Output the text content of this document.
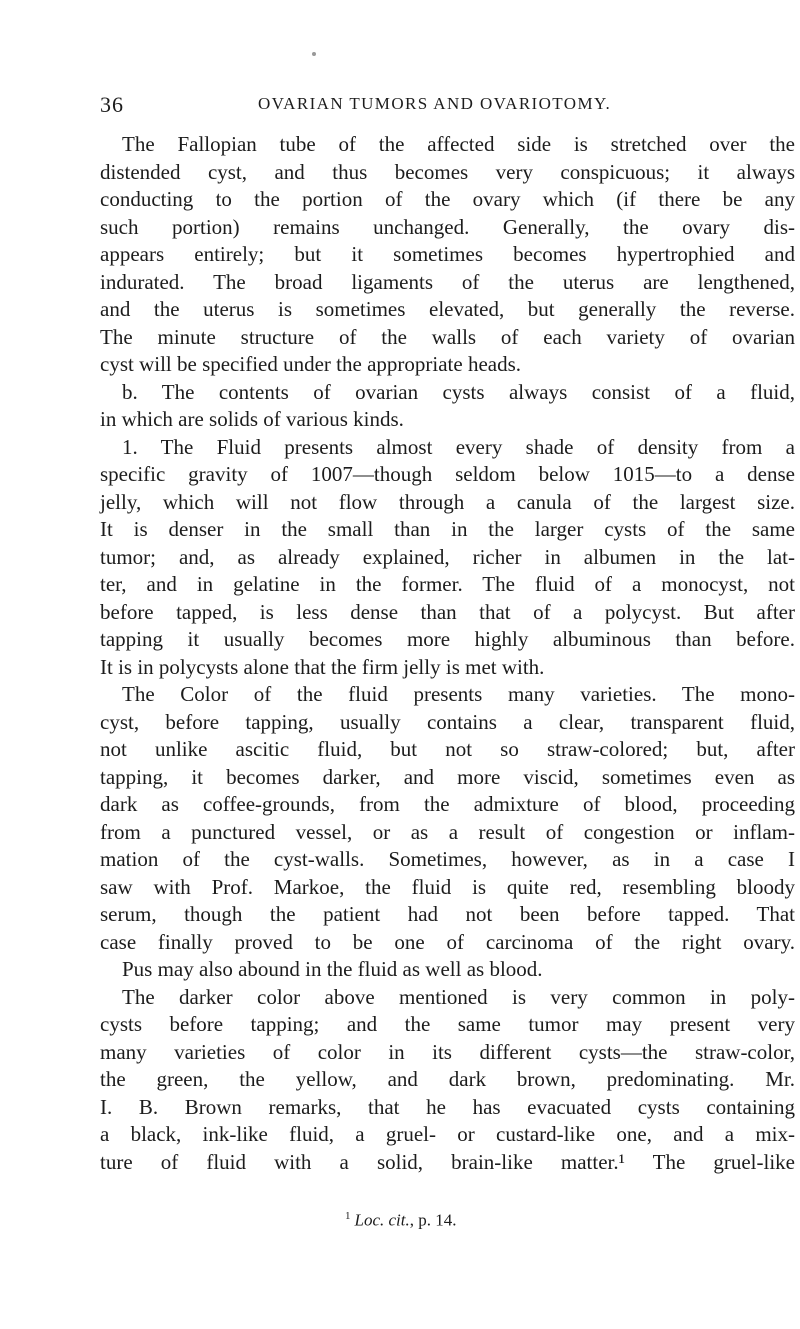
36	OVARIAN TUMORS AND OVARIOTOMY.
The Fallopian tube of the affected side is stretched over the
distended cyst, and thus becomes very conspicuous; it always
conducting to the portion of the ovary which (if there be any
such portion) remains unchanged. Generally, the ovary dis-
appears entirely; but it sometimes becomes hypertrophied and
indurated. The broad ligaments of the uterus are lengthened,
and the uterus is sometimes elevated, but generally the reverse.
The minute structure of the walls of each variety of ovarian
cyst will be specified under the appropriate heads.
b. The contents of ovarian cysts always consist of a fluid,
in which are solids of various kinds.
1. The Fluid presents almost every shade of density from a
specific gravity of 1007—though seldom below 1015—to a dense
jelly, which will not flow through a canula of the largest size.
It is denser in the small than in the larger cysts of the same
tumor; and, as already explained, richer in albumen in the lat-
ter, and in gelatine in the former. The fluid of a monocyst, not
before tapped, is less dense than that of a polycyst. But after
tapping it usually becomes more highly albuminous than before.
It is in polycysts alone that the firm jelly is met with.
The Color of the fluid presents many varieties. The mono-
cyst, before tapping, usually contains a clear, transparent fluid,
not unlike ascitic fluid, but not so straw-colored; but, after
tapping, it becomes darker, and more viscid, sometimes even as
dark as coffee-grounds, from the admixture of blood, proceeding
from a punctured vessel, or as a result of congestion or inflam-
mation of the cyst-walls. Sometimes, however, as in a case I
saw with Prof. Markoe, the fluid is quite red, resembling bloody
serum, though the patient had not been before tapped. That
case finally proved to be one of carcinoma of the right ovary.
Pus may also abound in the fluid as well as blood.
The darker color above mentioned is very common in poly-
cysts before tapping; and the same tumor may present very
many varieties of color in its different cysts—the straw-color,
the green, the yellow, and dark brown, predominating. Mr.
I. B. Brown remarks, that he has evacuated cysts containing
a black, ink-like fluid, a gruel- or custard-like one, and a mix-
ture of fluid with a solid, brain-like matter.¹ The gruel-like
$^1$ Loc. cit., p. 14.
